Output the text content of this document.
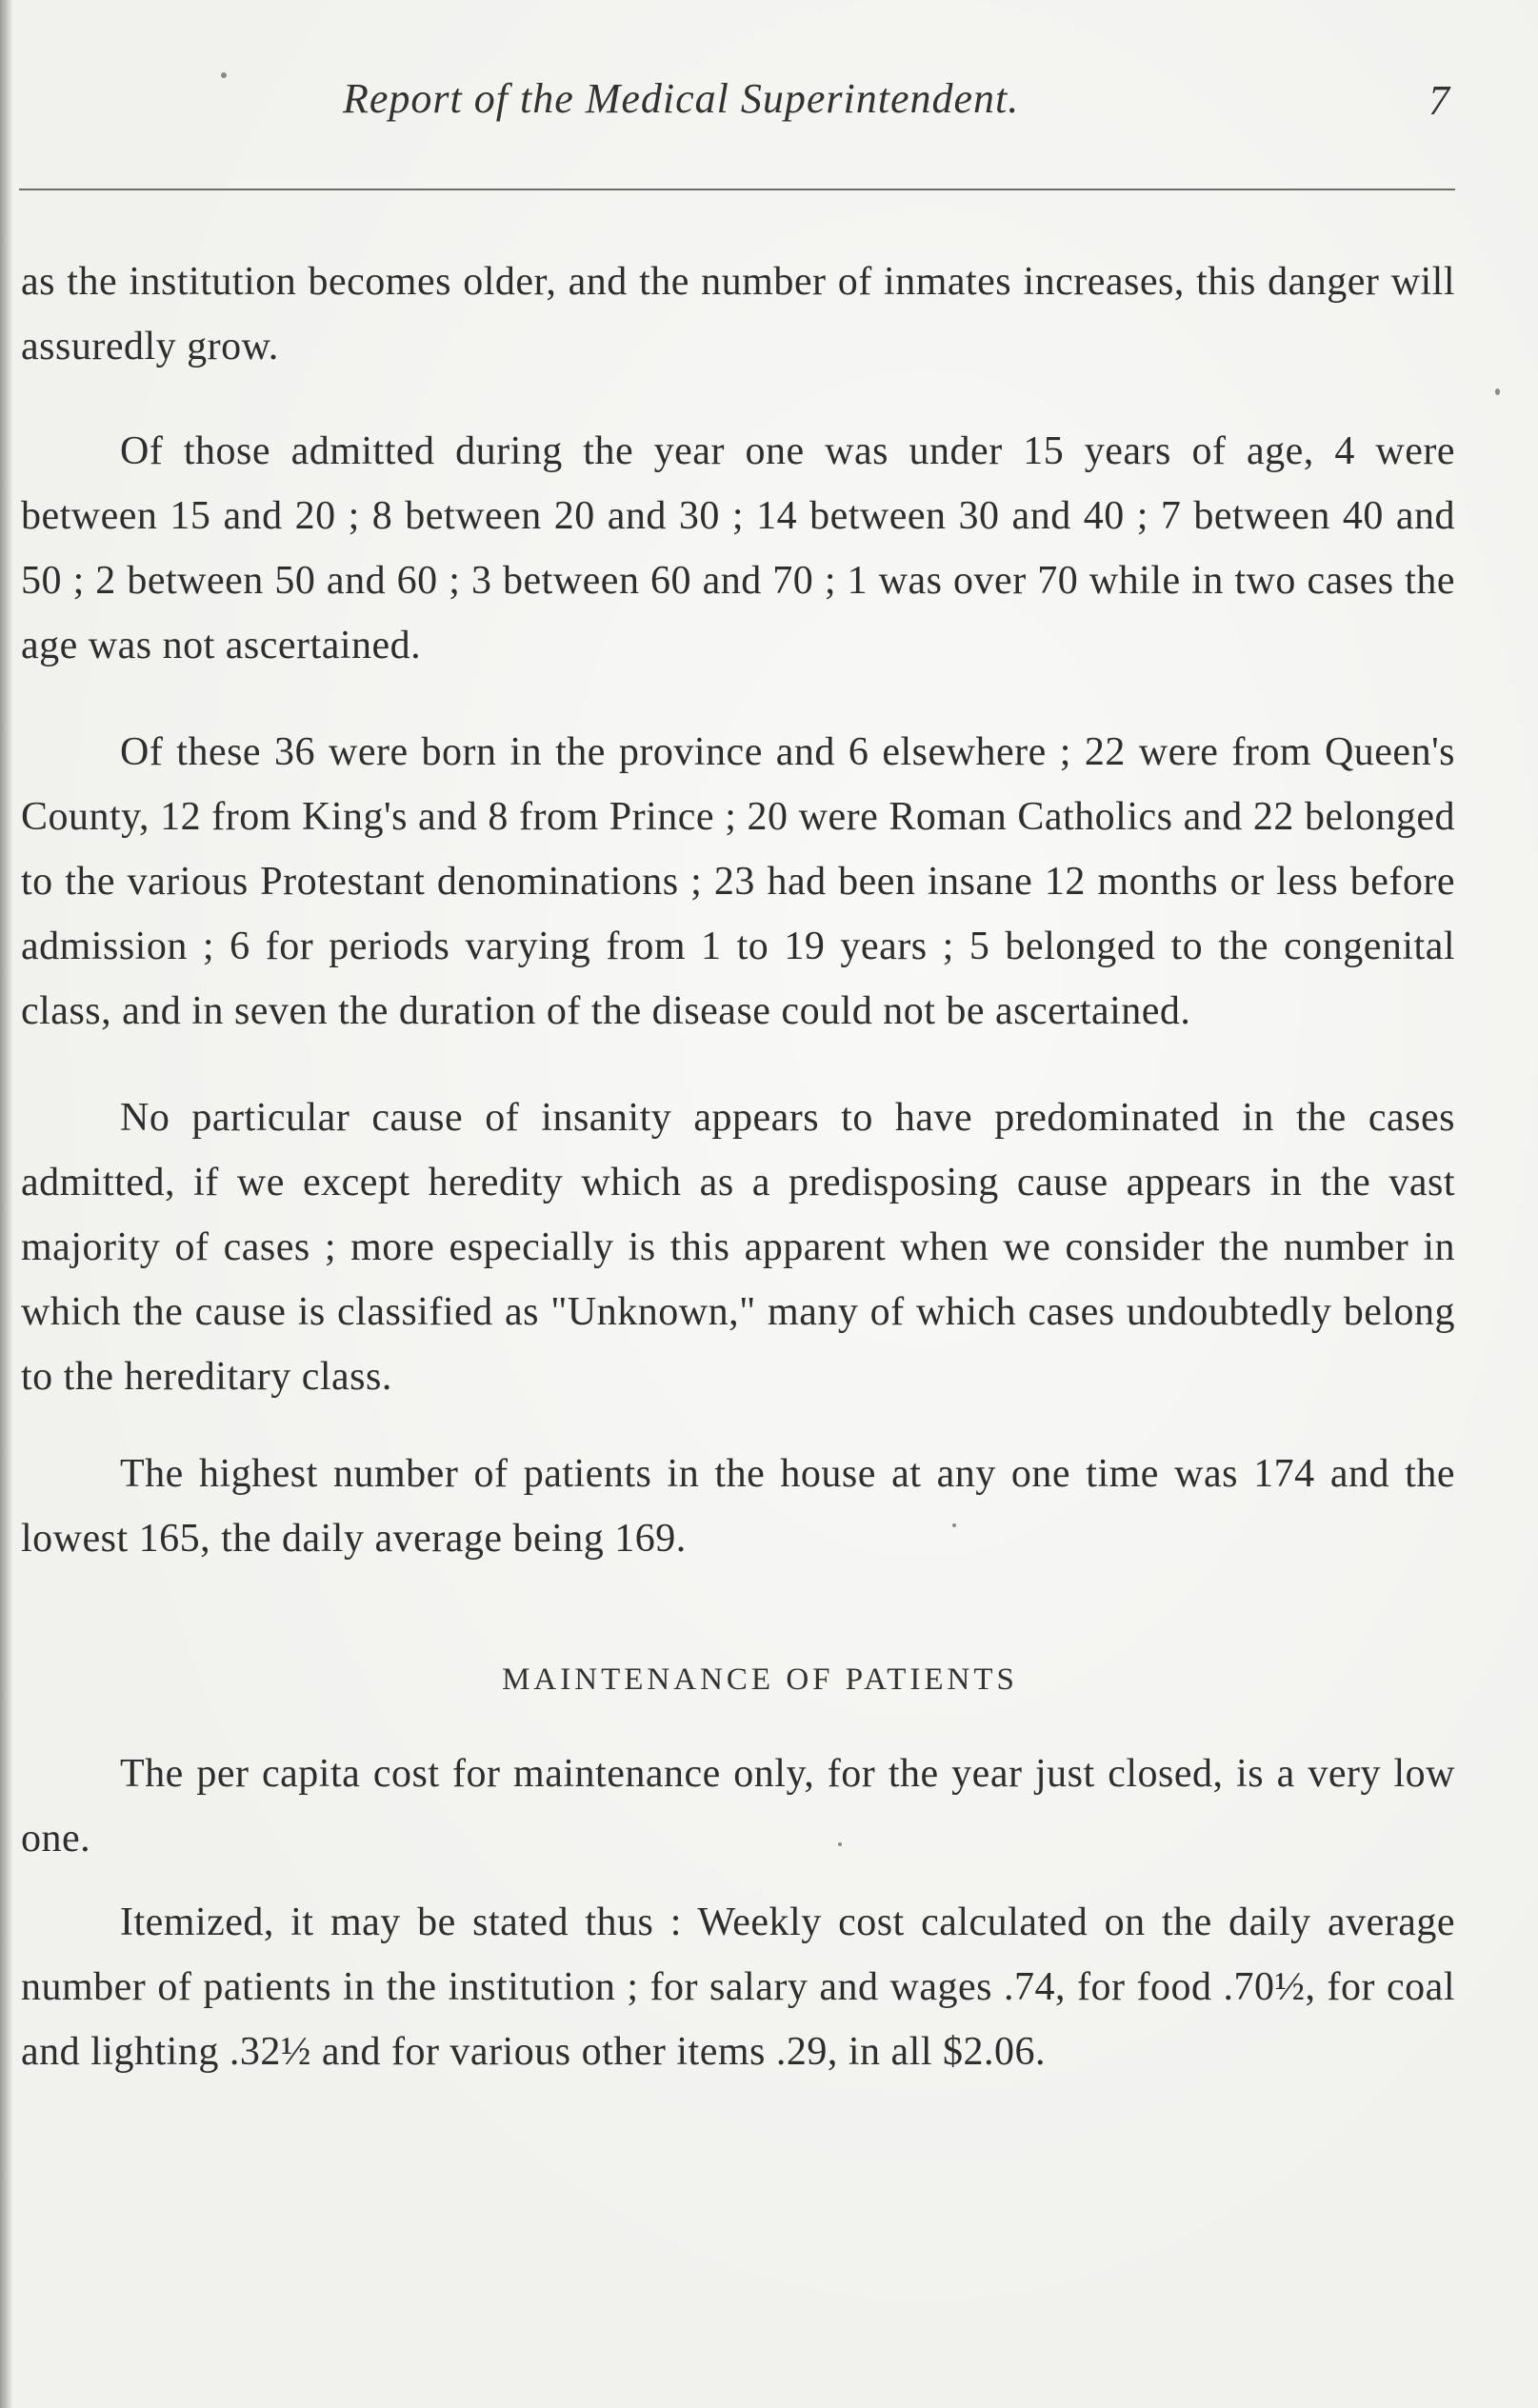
Report of the Medical Superintendent.	7

as the institution becomes older, and the number of inmates increases, this danger will assuredly grow.

Of those admitted during the year one was under 15 years of age, 4 were between 15 and 20 ; 8 between 20 and 30 ; 14 between 30 and 40 ; 7 between 40 and 50 ; 2 between 50 and 60 ; 3 between 60 and 70 ; 1 was over 70 while in two cases the age was not ascertained.

Of these 36 were born in the province and 6 elsewhere ; 22 were from Queen's County, 12 from King's and 8 from Prince ; 20 were Roman Catholics and 22 belonged to the various Protestant denominations ; 23 had been insane 12 months or less before admission ; 6 for periods varying from 1 to 19 years ; 5 belonged to the congenital class, and in seven the duration of the disease could not be ascertained.

No particular cause of insanity appears to have predominated in the cases admitted, if we except heredity which as a predisposing cause appears in the vast majority of cases ; more especially is this apparent when we consider the number in which the cause is classified as "Unknown," many of which cases undoubtedly belong to the hereditary class.

The highest number of patients in the house at any one time was 174 and the lowest 165, the daily average being 169.

MAINTENANCE OF PATIENTS

The per capita cost for maintenance only, for the year just closed, is a very low one.

Itemized, it may be stated thus : Weekly cost calculated on the daily average number of patients in the institution ; for salary and wages .74, for food .70½, for coal and lighting .32½ and for various other items .29, in all $2.06.
